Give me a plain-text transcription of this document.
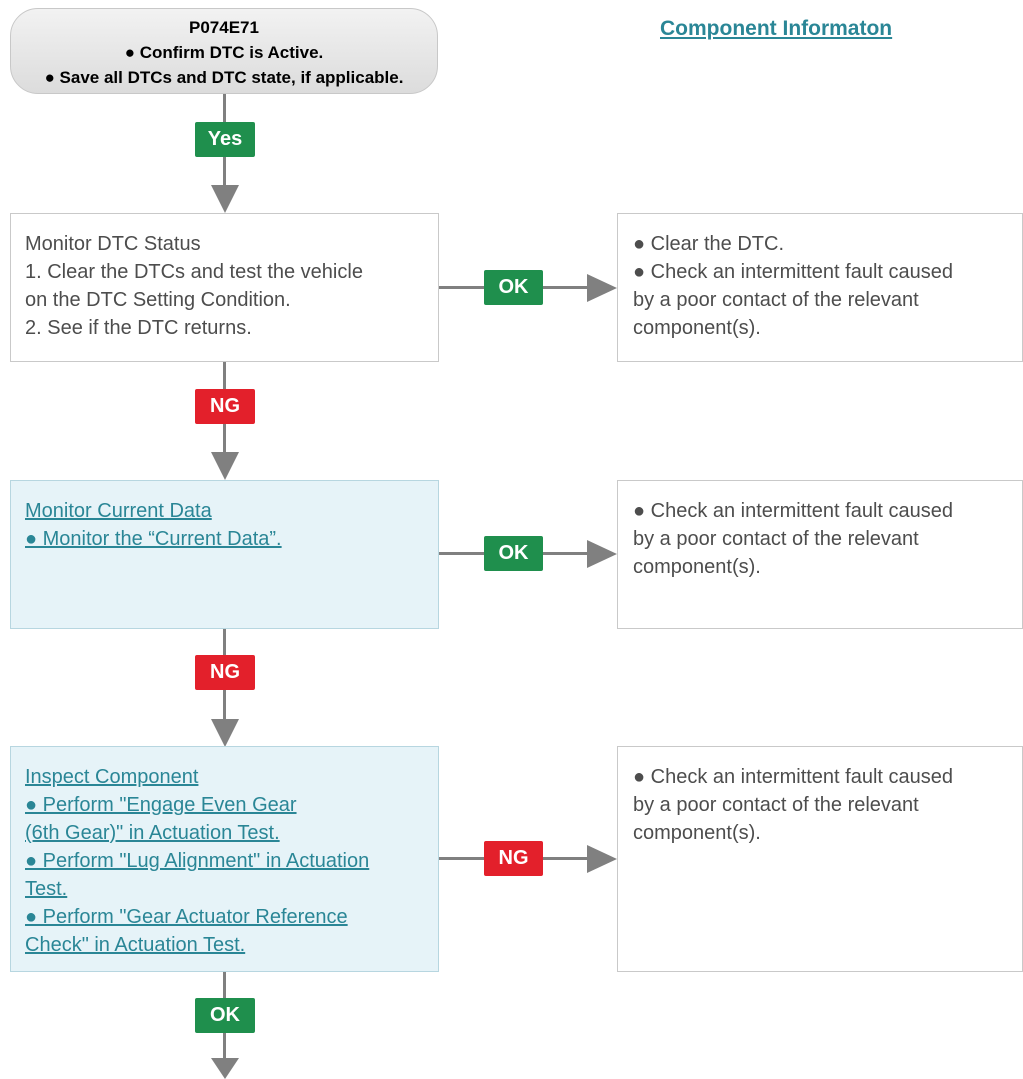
P074E71
● Confirm DTC is Active.
● Save all DTCs and DTC state, if applicable.
Component Informaton
Yes
Monitor DTC Status
1. Clear the DTCs and test the vehicle
on the DTC Setting Condition.
2. See if the DTC returns.
OK
● Clear the DTC.
● Check an intermittent fault caused
by a poor contact of the relevant
component(s).
NG
Monitor Current Data
● Monitor the “Current Data”.
OK
● Check an intermittent fault caused
by a poor contact of the relevant
component(s).
NG
Inspect Component
● Perform "Engage Even Gear
(6th Gear)" in Actuation Test.
● Perform "Lug Alignment" in Actuation
Test.
● Perform "Gear Actuator Reference
Check" in Actuation Test.
NG
● Check an intermittent fault caused
by a poor contact of the relevant
component(s).
OK
